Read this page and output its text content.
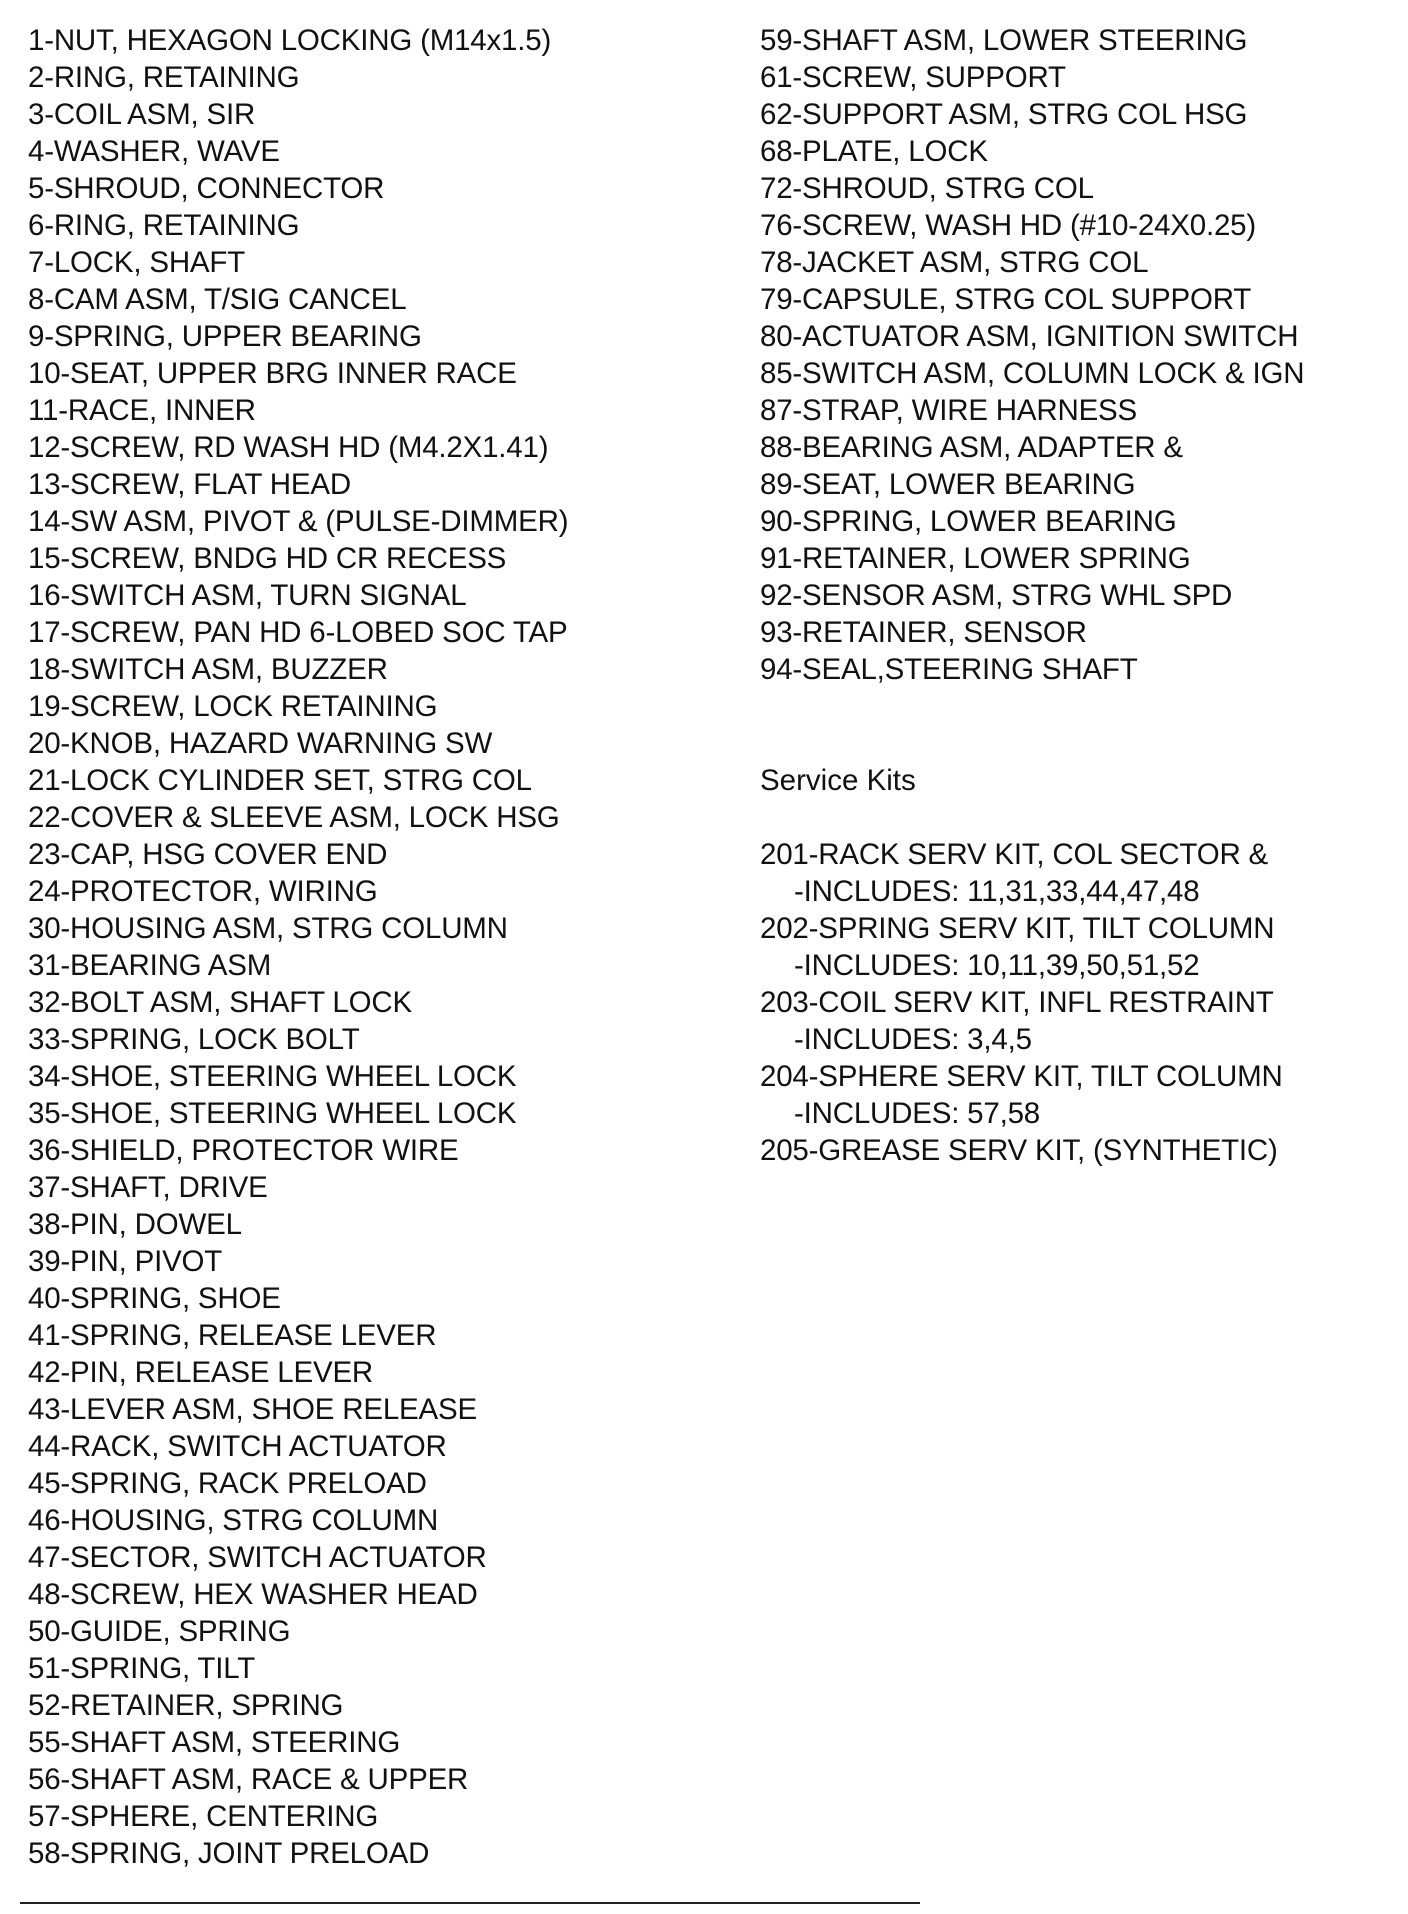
1-NUT, HEXAGON LOCKING (M14x1.5)
2-RING, RETAINING
3-COIL ASM, SIR
4-WASHER, WAVE
5-SHROUD, CONNECTOR
6-RING, RETAINING
7-LOCK, SHAFT
8-CAM ASM, T/SIG CANCEL
9-SPRING, UPPER BEARING
10-SEAT, UPPER BRG INNER RACE
11-RACE, INNER
12-SCREW, RD WASH HD (M4.2X1.41)
13-SCREW, FLAT HEAD
14-SW ASM, PIVOT & (PULSE-DIMMER)
15-SCREW, BNDG HD CR RECESS
16-SWITCH ASM, TURN SIGNAL
17-SCREW, PAN HD 6-LOBED SOC TAP
18-SWITCH ASM, BUZZER
19-SCREW, LOCK RETAINING
20-KNOB, HAZARD WARNING SW
21-LOCK CYLINDER SET, STRG COL
22-COVER & SLEEVE ASM, LOCK HSG
23-CAP, HSG COVER END
24-PROTECTOR, WIRING
30-HOUSING ASM, STRG COLUMN
31-BEARING ASM
32-BOLT ASM, SHAFT LOCK
33-SPRING, LOCK BOLT
34-SHOE, STEERING WHEEL LOCK
35-SHOE, STEERING WHEEL LOCK
36-SHIELD, PROTECTOR WIRE
37-SHAFT, DRIVE
38-PIN, DOWEL
39-PIN, PIVOT
40-SPRING, SHOE
41-SPRING, RELEASE LEVER
42-PIN, RELEASE LEVER
43-LEVER ASM, SHOE RELEASE
44-RACK, SWITCH ACTUATOR
45-SPRING, RACK PRELOAD
46-HOUSING, STRG COLUMN
47-SECTOR, SWITCH ACTUATOR
48-SCREW, HEX WASHER HEAD
50-GUIDE, SPRING
51-SPRING, TILT
52-RETAINER, SPRING
55-SHAFT ASM, STEERING
56-SHAFT ASM, RACE & UPPER
57-SPHERE, CENTERING
58-SPRING, JOINT PRELOAD
59-SHAFT ASM, LOWER STEERING
61-SCREW, SUPPORT
62-SUPPORT ASM, STRG COL HSG
68-PLATE, LOCK
72-SHROUD, STRG COL
76-SCREW, WASH HD (#10-24X0.25)
78-JACKET ASM, STRG COL
79-CAPSULE, STRG COL SUPPORT
80-ACTUATOR ASM, IGNITION SWITCH
85-SWITCH ASM, COLUMN LOCK & IGN
87-STRAP, WIRE HARNESS
88-BEARING ASM, ADAPTER &
89-SEAT, LOWER BEARING
90-SPRING, LOWER BEARING
91-RETAINER, LOWER SPRING
92-SENSOR ASM, STRG WHL SPD
93-RETAINER, SENSOR
94-SEAL,STEERING SHAFT
Service Kits
201-RACK SERV KIT, COL SECTOR &
-INCLUDES: 11,31,33,44,47,48
202-SPRING SERV KIT, TILT COLUMN
-INCLUDES: 10,11,39,50,51,52
203-COIL SERV KIT, INFL RESTRAINT
-INCLUDES: 3,4,5
204-SPHERE SERV KIT, TILT COLUMN
-INCLUDES: 57,58
205-GREASE SERV KIT, (SYNTHETIC)
